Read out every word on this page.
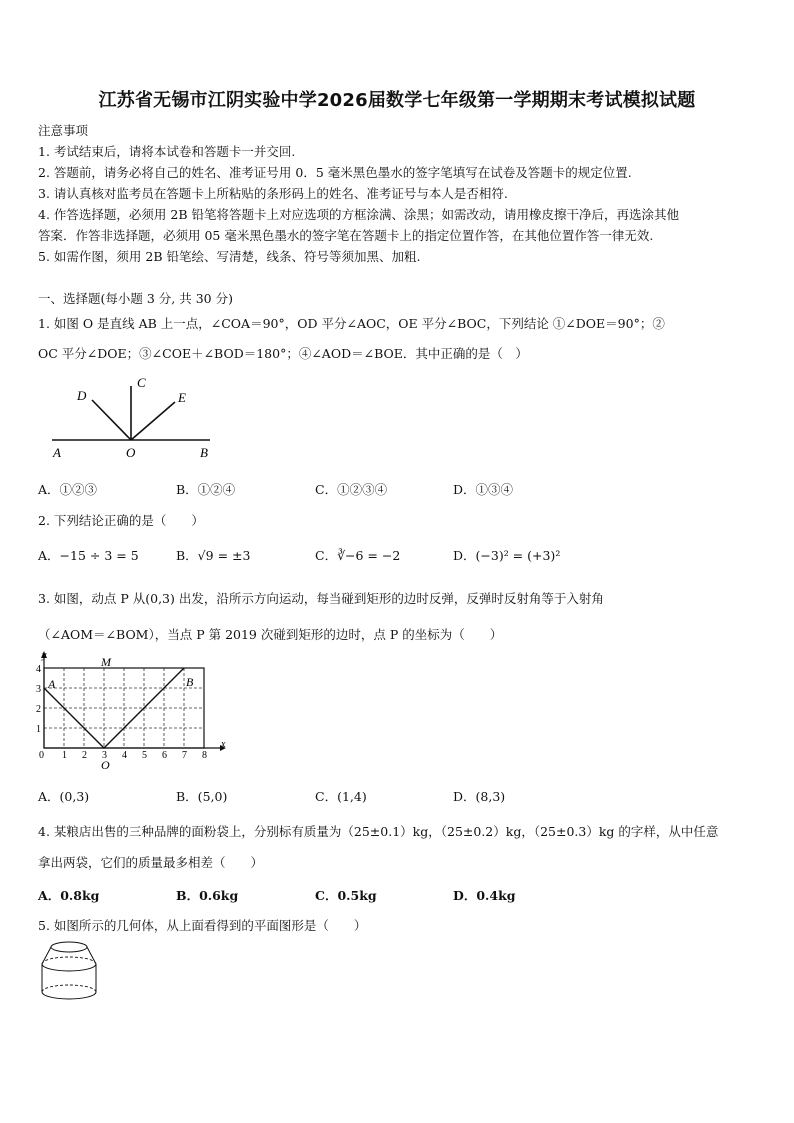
江苏省无锡市江阴实验中学2026届数学七年级第一学期期末考试模拟试题
注意事项
1. 考试结束后，请将本试卷和答题卡一并交回.
2. 答题前，请务必将自己的姓名、准考证号用 0．5 毫米黑色墨水的签字笔填写在试卷及答题卡的规定位置.
3. 请认真核对监考员在答题卡上所粘贴的条形码上的姓名、准考证号与本人是否相符.
4. 作答选择题，必须用 2B 铅笔将答题卡上对应选项的方框涂满、涂黑；如需改动，请用橡皮擦干净后，再选涂其他
答案．作答非选择题，必须用 05 毫米黑色墨水的签字笔在答题卡上的指定位置作答，在其他位置作答一律无效.
5. 如需作图，须用 2B 铅笔绘、写清楚，线条、符号等须加黑、加粗.
一、选择题(每小题 3 分, 共 30 分)
1. 如图 O 是直线 AB 上一点，∠COA＝90°，OD 平分∠AOC，OE 平分∠BOC，下列结论 ①∠DOE＝90°；②
OC 平分∠DOE；③∠COE＋∠BOD＝180°；④∠AOD＝∠BOE．其中正确的是（　）
D
C
E
A	O	B
A．①②③	B．①②④	C．①②③④	D．①③④
2. 下列结论正确的是（　　）
A．−15 ÷ 3 = 5	B．√9 = ±3	C．∛−6 = −2	D．(−3)² = (+3)²
3. 如图，动点 P 从(0,3) 出发，沿所示方向运动，每当碰到矩形的边时反弹，反弹时反射角等于入射角
（∠AOM＝∠BOM），当点 P 第 2019 次碰到矩形的边时，点 P 的坐标为（　　）
x
y
0 1 2 3 4 5 6 7 8
1
2
3
4
A
M
B
O
A．(0,3)	B．(5,0)	C．(1,4)	D．(8,3)
4. 某粮店出售的三种品牌的面粉袋上，分别标有质量为（25±0.1）kg，（25±0.2）kg，（25±0.3）kg 的字样，从中任意
拿出两袋，它们的质量最多相差（　　）
A．0.8kg	B．0.6kg	C．0.5kg	D．0.4kg
5. 如图所示的几何体，从上面看得到的平面图形是（　　）
